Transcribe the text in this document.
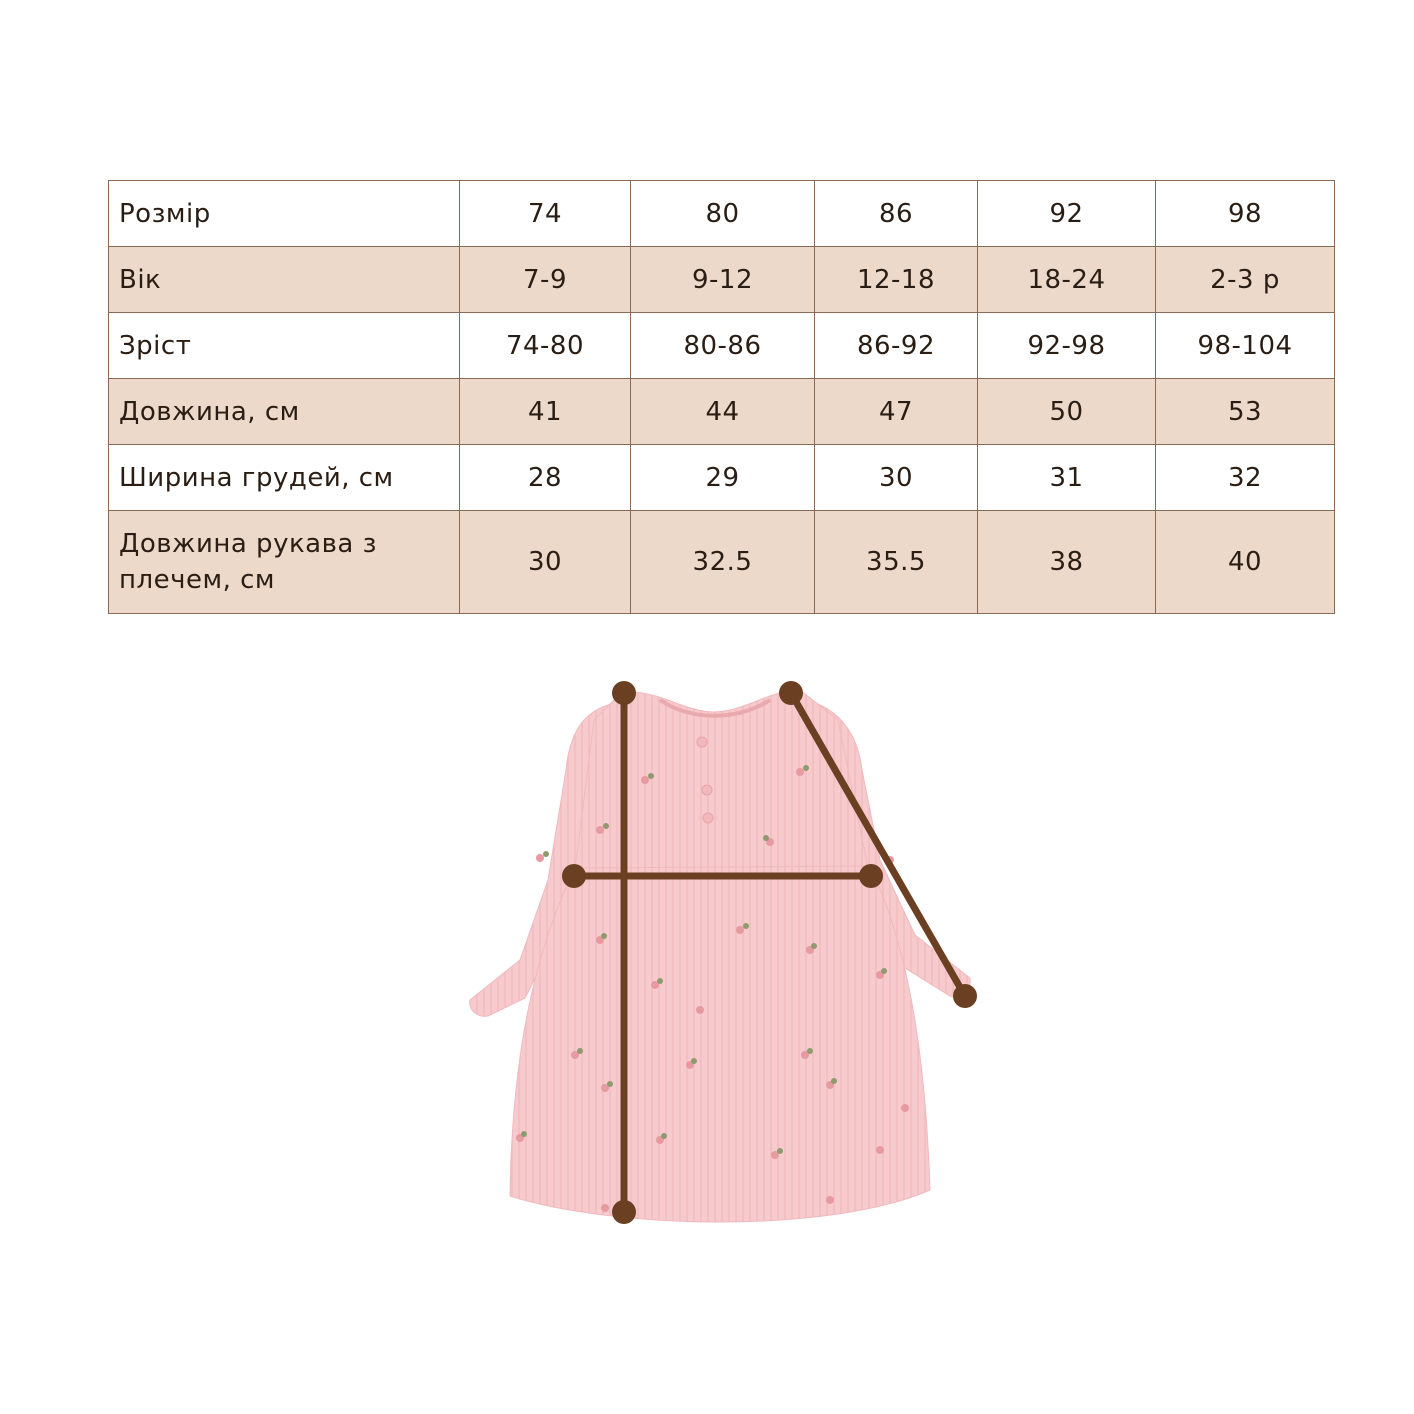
Розмір	74	80	86	92	98
Вік	7-9	9-12	12-18	18-24	2-3 р
Зріст	74-80	80-86	86-92	92-98	98-104
Довжина, см	41	44	47	50	53
Ширина грудей, см	28	29	30	31	32
Довжина рукава з плечем, см	30	32.5	35.5	38	40
